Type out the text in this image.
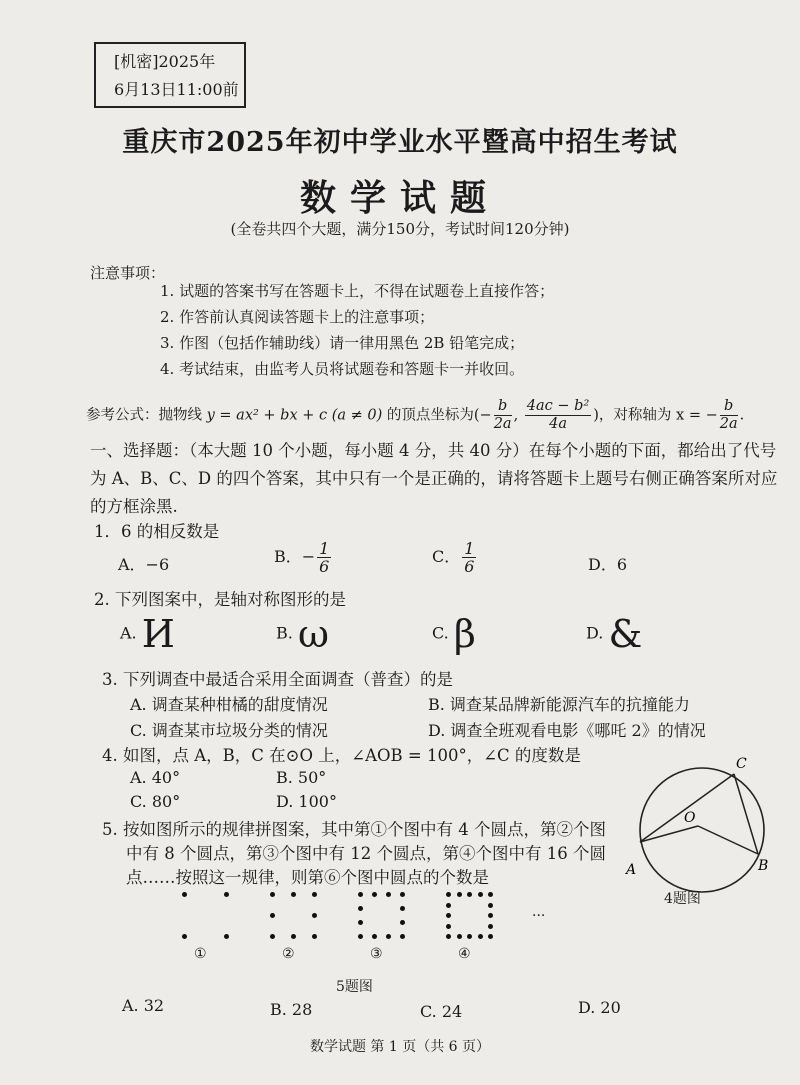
[机密]2025年
6月13日11:00前
重庆市2025年初中学业水平暨高中招生考试
数学试题
(全卷共四个大题，满分150分，考试时间120分钟)
注意事项：
1. 试题的答案书写在答题卡上，不得在试题卷上直接作答；
2. 作答前认真阅读答题卡上的注意事项；
3. 作图（包括作辅助线）请一律用黑色 2B 铅笔完成；
4. 考试结束，由监考人员将试题卷和答题卡一并收回。
参考公式：抛物线 y = ax² + bx + c (a ≠ 0) 的顶点坐标为(− $\frac{b}{2a}$ , $\frac{\text{4ac − b²}}{4a}$ )，对称轴为 x = − $\frac{b}{2a}$ .
一、选择题：（本大题 10 个小题，每小题 4 分，共 40 分）在每个小题的下面，都给出了代号为 A、B、C、D 的四个答案，其中只有一个是正确的，请将答题卡上题号右侧正确答案所对应的方框涂黑.
1．6 的相反数是
A．−6	B．− $\frac{1}{6}$	C． $\frac{1}{6}$	D．6
2. 下列图案中，是轴对称图形的是
A. И	B. ω	C. β	D. &
3. 下列调查中最适合采用全面调查（普查）的是
A. 调查某种柑橘的甜度情况	B. 调查某品牌新能源汽车的抗撞能力
C. 调查某市垃圾分类的情况	D. 调查全班观看电影《哪吒 2》的情况
4. 如图，点 A，B，C 在⊙O 上，∠AOB = 100°，∠C 的度数是
A. 40°	B. 50°
C. 80°	D. 100°
C
O
A	B
4题图
5. 按如图所示的规律拼图案，其中第①个图中有 4 个圆点，第②个图
中有 8 个圆点，第③个图中有 12 个圆点，第④个图中有 16 个圆
点……按照这一规律，则第⑥个图中圆点的个数是
①	②	③	④
...
5题图
A. 32	B. 28	C. 24	D. 20
数学试题 第 1 页（共 6 页）
